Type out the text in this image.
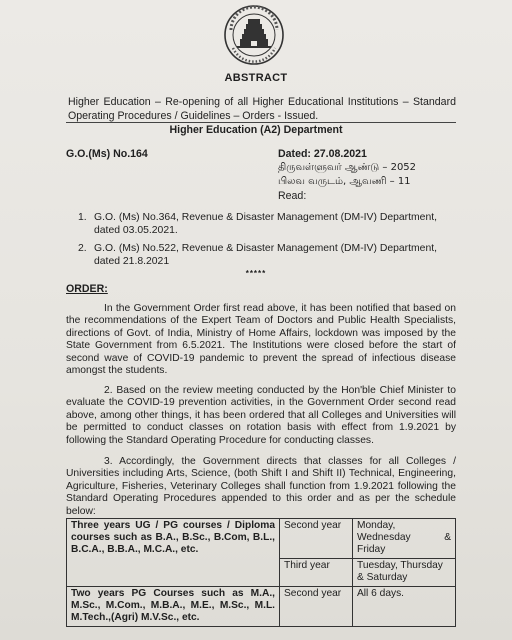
ABSTRACT
Higher Education – Re-opening of all Higher Educational Institutions – Standard Operating Procedures / Guidelines – Orders - Issued.
Higher Education (A2) Department
G.O.(Ms) No.164	Dated: 27.08.2021
திருவள்ளுவர் ஆண்டு – 2052
பிலவ வருடம், ஆவணி – 11
Read:
1. G.O. (Ms) No.364, Revenue & Disaster Management (DM-IV) Department, dated 03.05.2021.
2. G.O. (Ms) No.522, Revenue & Disaster Management (DM-IV) Department, dated 21.8.2021
*****
ORDER:
In the Government Order first read above, it has been notified that based on the recommendations of the Expert Team of Doctors and Public Health Specialists, directions of Govt. of India, Ministry of Home Affairs, lockdown was imposed by the State Government from 6.5.2021. The Institutions were closed before the start of second wave of COVID-19 pandemic to prevent the spread of infectious disease amongst the students.
2. Based on the review meeting conducted by the Hon'ble Chief Minister to evaluate the COVID-19 prevention activities, in the Government Order second read above, among other things, it has been ordered that all Colleges and Universities will be permitted to conduct classes on rotation basis with effect from 1.9.2021 by following the Standard Operating Procedure for conducting classes.
3. Accordingly, the Government directs that classes for all Colleges / Universities including Arts, Science, (both Shift I and Shift II) Technical, Engineering, Agriculture, Fisheries, Veterinary Colleges shall function from 1.9.2021 following the Standard Operating Procedures appended to this order and as per the schedule below:
Three years UG / PG courses / Diploma courses such as B.A., B.Sc., B.Com, B.L., B.C.A., B.B.A., M.C.A., etc.	Second year	Monday,
Wednesday &
Friday

	Third year	Tuesday, Thursday & Saturday
Two years PG Courses such as M.A., M.Sc., M.Com., M.B.A., M.E., M.Sc., M.L. M.Tech.,(Agri) M.V.Sc., etc.	Second year	All 6 days.
